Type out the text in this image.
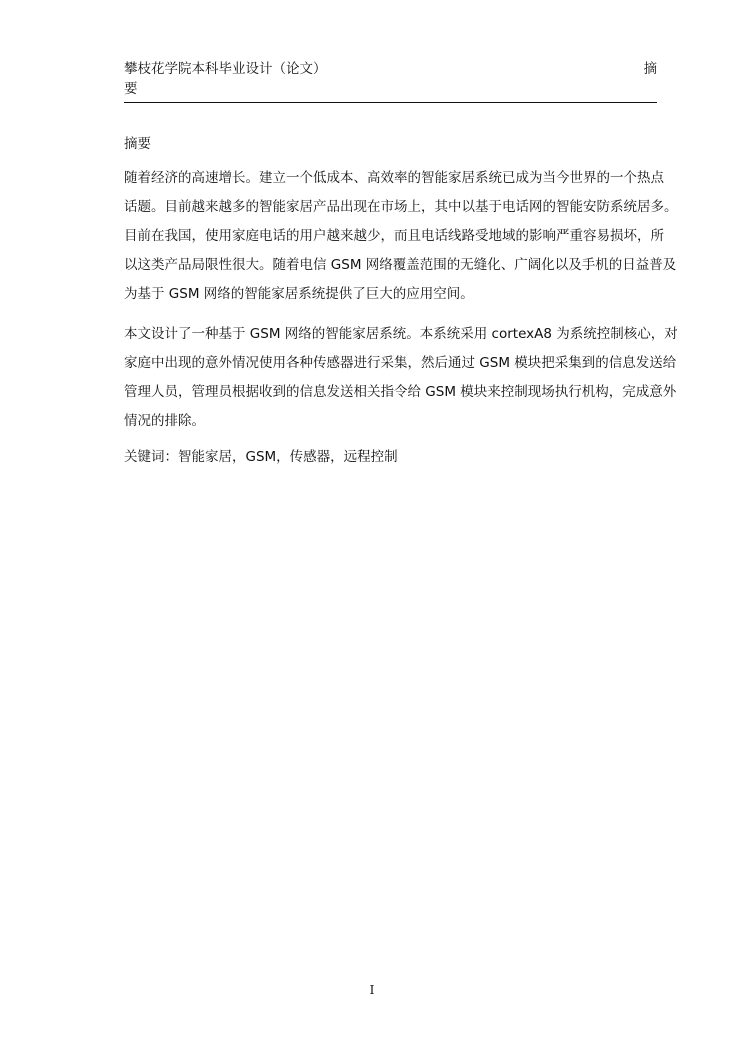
攀枝花学院本科毕业设计（论文）
要
摘
摘要
随着经济的高速增长。建立一个低成本、高效率的智能家居系统已成为当今世界的一个热点
话题。目前越来越多的智能家居产品出现在市场上，其中以基于电话网的智能安防系统居多。
目前在我国，使用家庭电话的用户越来越少，而且电话线路受地域的影响严重容易损坏，所
以这类产品局限性很大。随着电信 GSM 网络覆盖范围的无缝化、广阔化以及手机的日益普及
为基于 GSM 网络的智能家居系统提供了巨大的应用空间。
本文设计了一种基于 GSM 网络的智能家居系统。本系统采用 cortexA8 为系统控制核心，对
家庭中出现的意外情况使用各种传感器进行采集，然后通过 GSM 模块把采集到的信息发送给
管理人员，管理员根据收到的信息发送相关指令给 GSM 模块来控制现场执行机构，完成意外
情况的排除。
关键词：智能家居，GSM，传感器，远程控制
I
